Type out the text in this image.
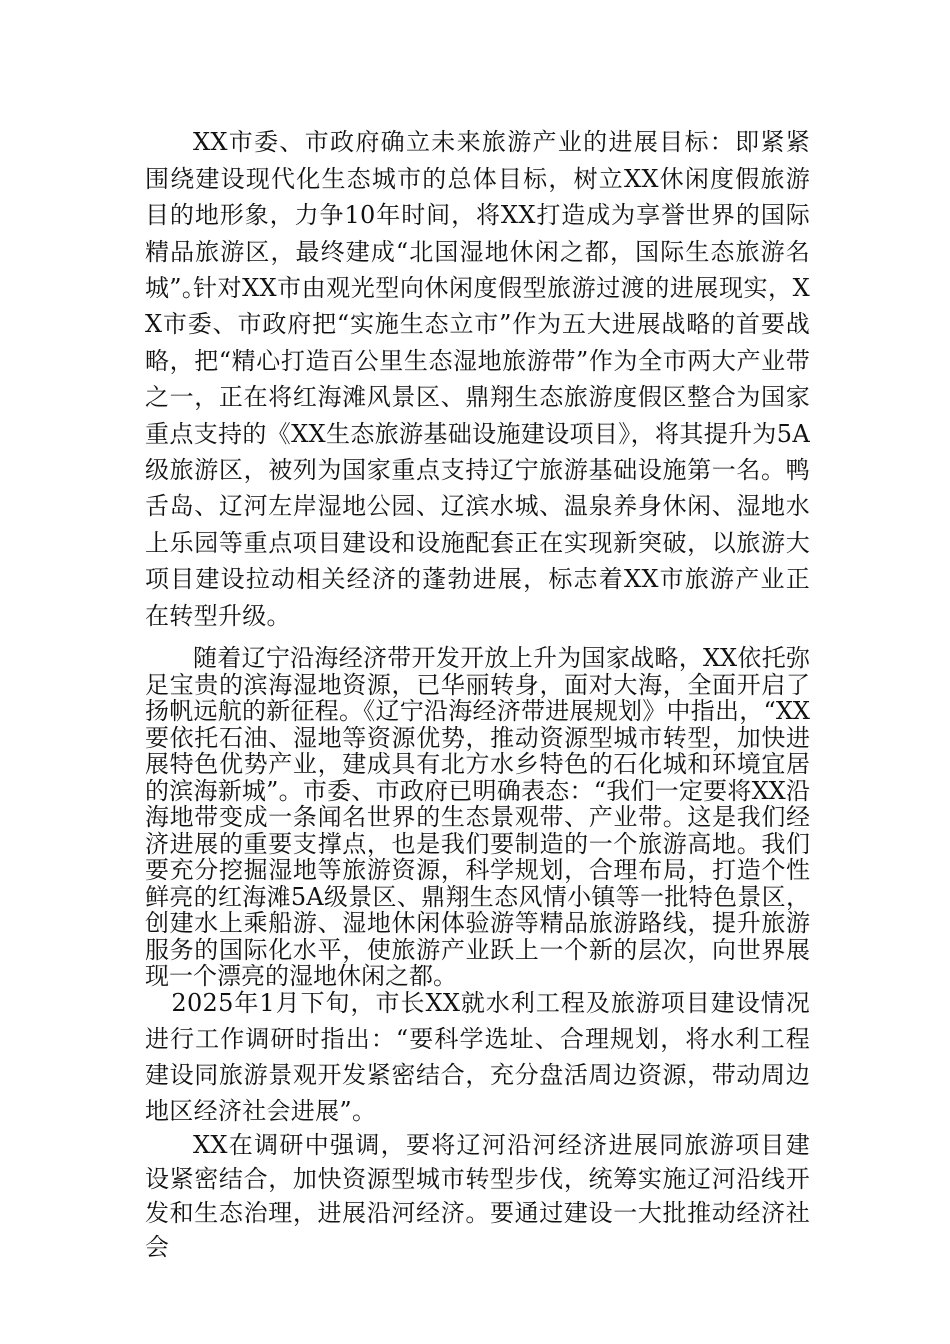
XX市委、市政府确立未来旅游产业的进展目标：即紧紧围绕建设现代化生态城市的总体目标，树立XX休闲度假旅游目的地形象，力争10年时间，将XX打造成为享誉世界的国际精品旅游区，最终建成“北国湿地休闲之都，国际生态旅游名城”。

针对XX市由观光型向休闲度假型旅游过渡的进展现实，XX市委、市政府把“实施生态立市”作为五大进展战略的首要战略，把“精心打造百公里生态湿地旅游带”作为全市两大产业带之一，正在将红海滩风景区、鼎翔生态旅游度假区整合为国家重点支持的《XX生态旅游基础设施建设项目》，将其提升为5A级旅游区，被列为国家重点支持辽宁旅游基础设施第一名。鸭舌岛、辽河左岸湿地公园、辽滨水城、温泉养身休闲、湿地水上乐园等重点项目建设和设施配套正在实现新突破，以旅游大项目建设拉动相关经济的蓬勃进展，标志着XX市旅游产业正在转型升级。

随着辽宁沿海经济带开发开放上升为国家战略，XX依托弥足宝贵的滨海湿地资源，已华丽转身，面对大海，全面开启了扬帆远航的新征程。《辽宁沿海经济带进展规划》中指出，“XX要依托石油、湿地等资源优势，推动资源型城市转型，加快进展特色优势产业，建成具有北方水乡特色的石化城和环境宜居的滨海新城”。市委、市政府已明确表态：“我们一定要将XX沿海地带变成一条闻名世界的生态景观带、产业带。这是我们经济进展的重要支撑点，也是我们要制造的一个旅游高地。我们要充分挖掘湿地等旅游资源，科学规划，合理布局，打造个性鲜亮的红海滩5A级景区、鼎翔生态风情小镇等一批特色景区，创建水上乘船游、湿地休闲体验游等精品旅游路线，提升旅游服务的国际化水平，使旅游产业跃上一个新的层次，向世界展现一个漂亮的湿地休闲之都。

2025年1月下旬，市长XX就水利工程及旅游项目建设情况进行工作调研时指出：“要科学选址、合理规划，将水利工程建设同旅游景观开发紧密结合，充分盘活周边资源，带动周边地区经济社会进展”。

XX在调研中强调，要将辽河沿河经济进展同旅游项目建设紧密结合，加快资源型城市转型步伐，统筹实施辽河沿线开发和生态治理，进展沿河经济。要通过建设一大批推动经济社会
